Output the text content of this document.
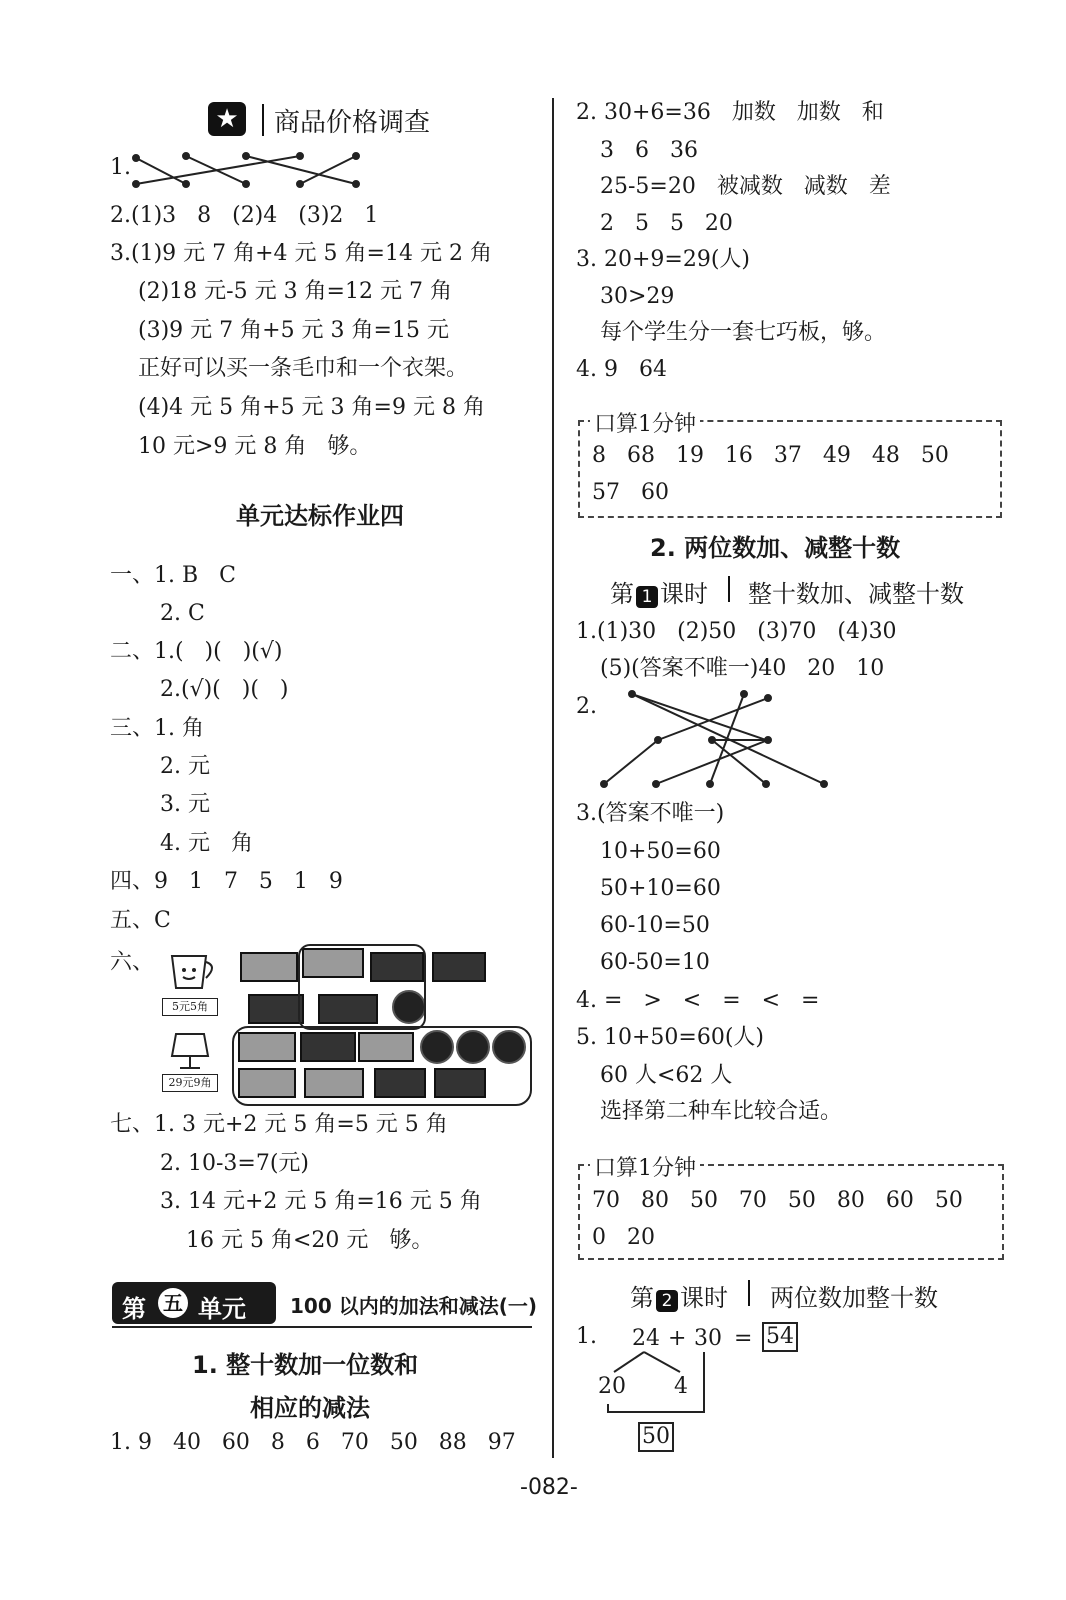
★ 商品价格调查
1.
2.(1)3   8   (2)4   (3)2   1
3.(1)9 元 7 角+4 元 5 角=14 元 2 角
(2)18 元-5 元 3 角=12 元 7 角
(3)9 元 7 角+5 元 3 角=15 元
正好可以买一条毛巾和一个衣架。
(4)4 元 5 角+5 元 3 角=9 元 8 角
10 元>9 元 8 角   够。
单元达标作业四
一、1. B   C
2. C
二、1.(   )(   )(√)
2.(√)(   )(   )
三、1. 角
2. 元
3. 元
4. 元   角
四、9   1   7   5   1   9
五、C
六、
5元5角
29元9角
七、1. 3 元+2 元 5 角=5 元 5 角
2. 10-3=7(元)
3. 14 元+2 元 5 角=16 元 5 角
16 元 5 角<20 元   够。
第 五 单元 100 以内的加法和减法(一)
1. 整十数加一位数和
相应的减法
1. 9   40   60   8   6   70   50   88   97
2. 30+6=36   加数   加数   和
3   6   36
25-5=20   被减数   减数   差
2   5   5   20
3. 20+9=29(人)
30>29
每个学生分一套七巧板，够。
4. 9   64
口算1分钟
8   68   19   16   37   49   48   50
57   60
2. 两位数加、减整十数
第 1 课时 整十数加、减整十数
1.(1)30   (2)50   (3)70   (4)30
(5)(答案不唯一)40   20   10
2.
3.(答案不唯一)
10+50=60
50+10=60
60-10=50
60-50=10
4. =   >   <   =   <   =
5. 10+50=60(人)
60 人<62 人
选择第二种车比较合适。
口算1分钟
70   80   50   70   50   80   60   50
0   20
第 2 课时 两位数加整十数
1. 24 + 30 = 54
20 4
50
-082-
